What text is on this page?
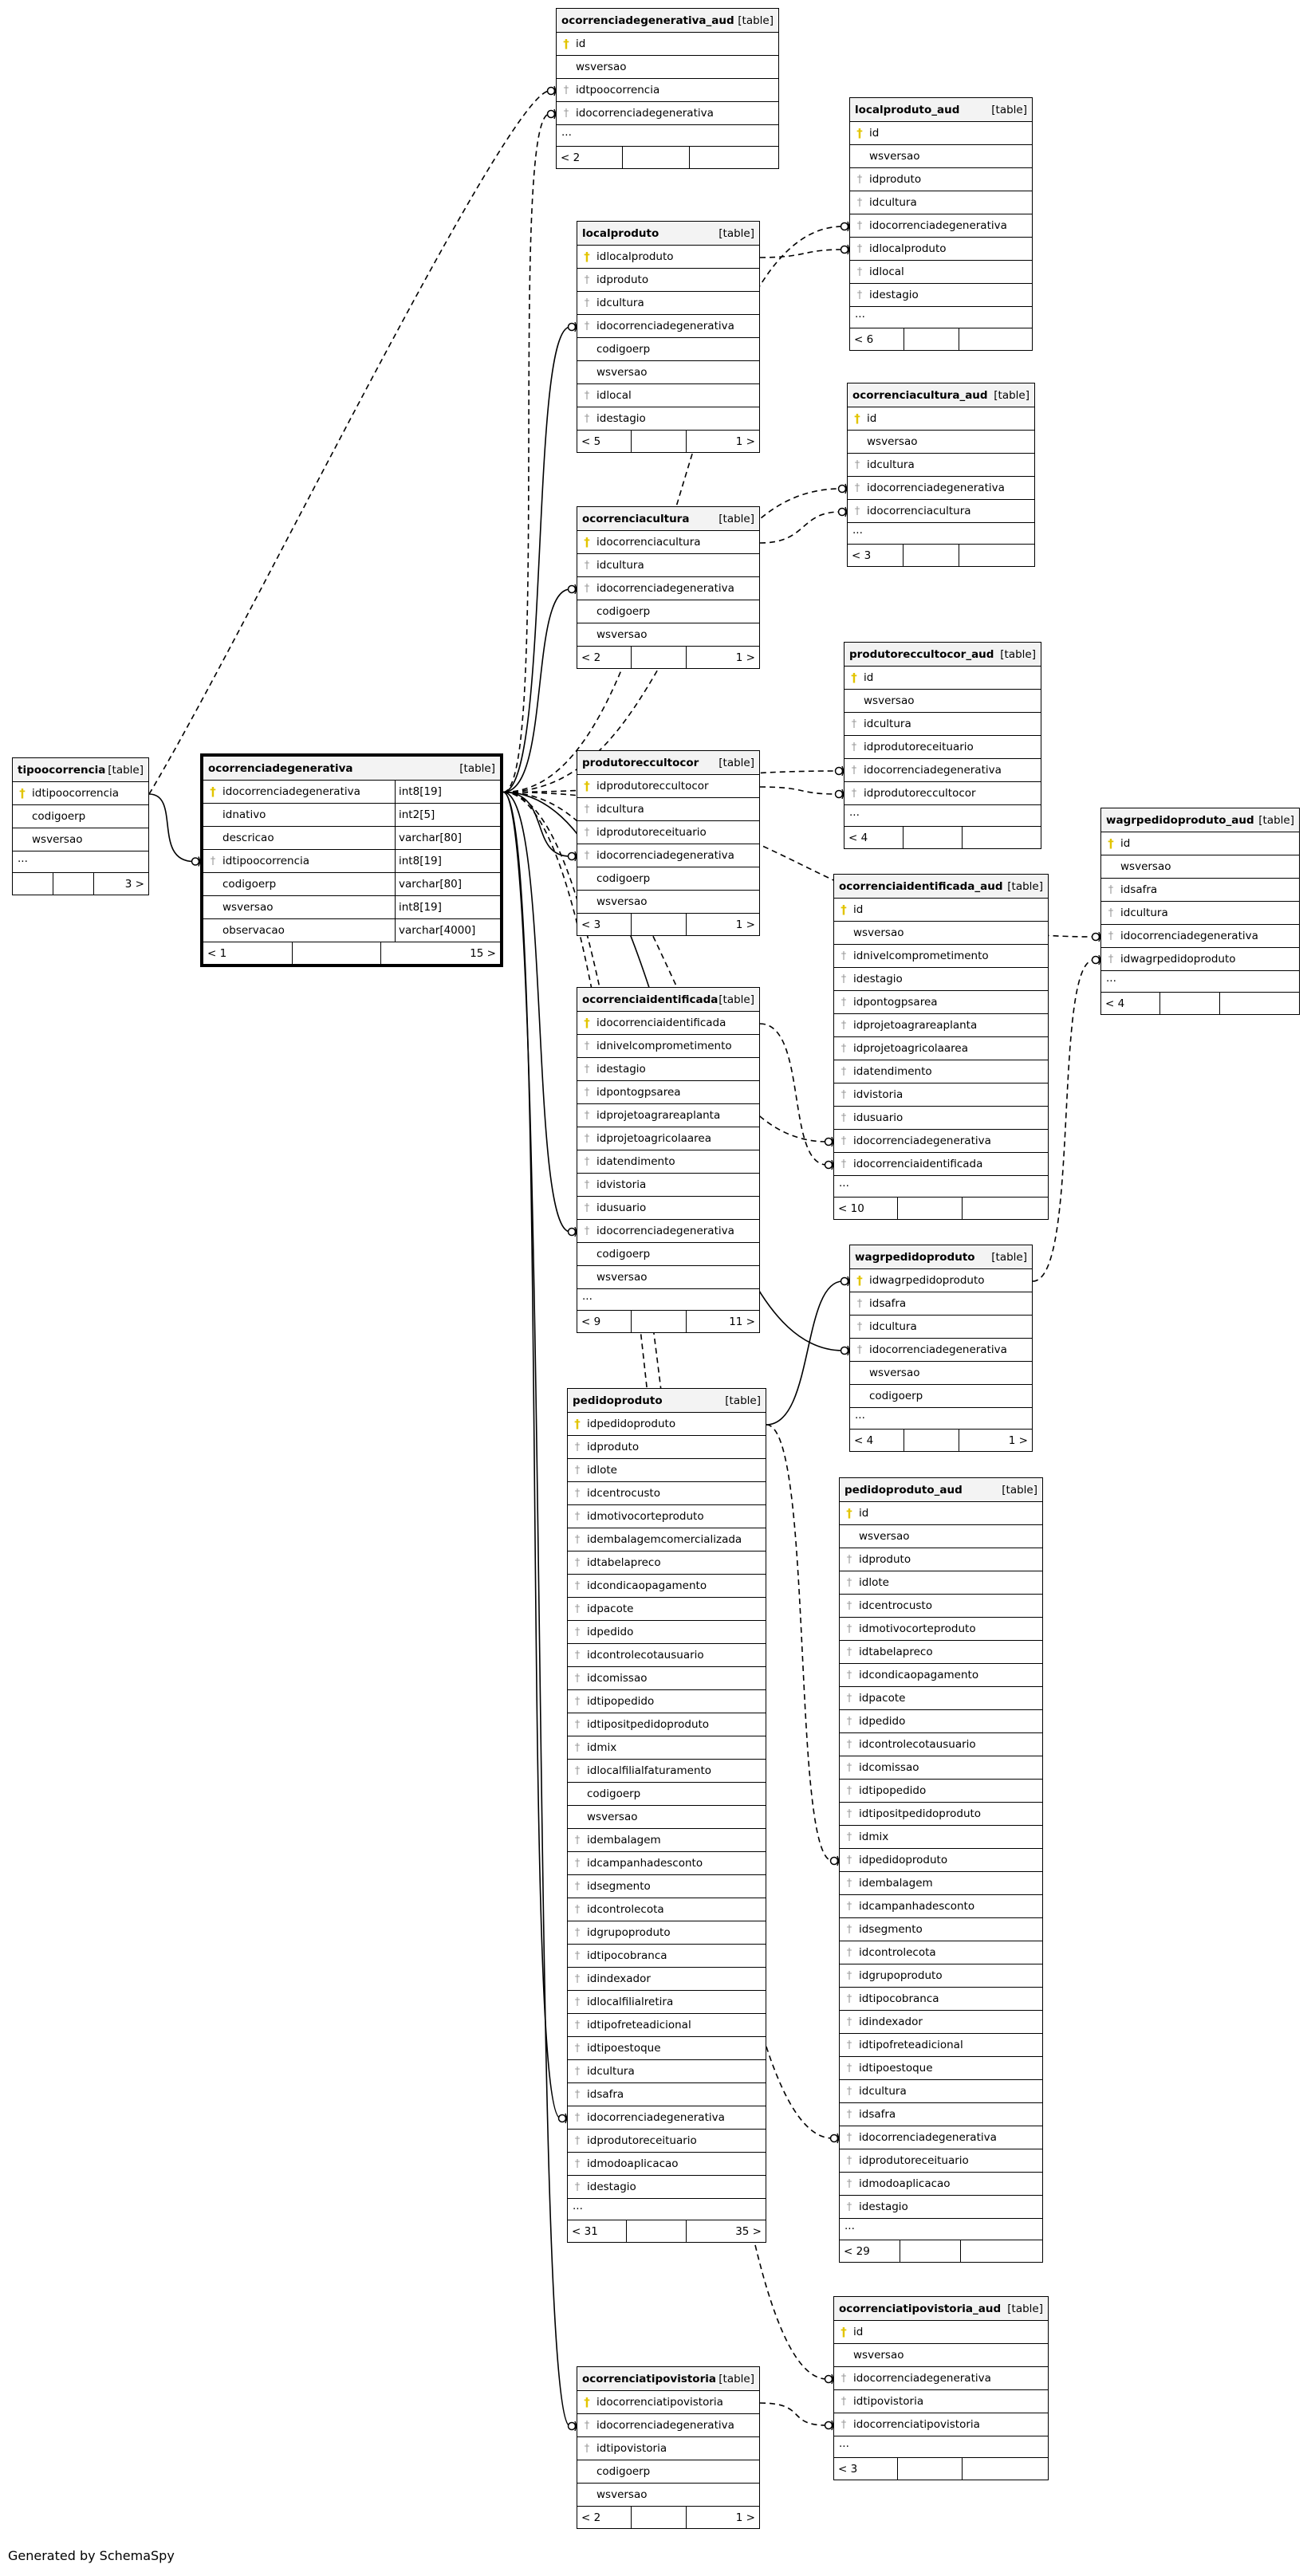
ocorrenciadegenerativa_aud [table]
† id
wsversao
† idtpoocorrencia
† idocorrenciadegenerativa
...
< 2
localproduto_aud	[table]
† id
wsversao
† idproduto
† idcultura
† idocorrenciadegenerativa
† idlocalproduto
† idlocal
† idestagio
...
< 6
localproduto	[table]
† idlocalproduto
† idproduto
† idcultura
† idocorrenciadegenerativa
codigoerp
wsversao
† idlocal
† idestagio
< 5	1 >
ocorrenciacultura_aud [table]
† id
wsversao
† idcultura
† idocorrenciadegenerativa
† idocorrenciacultura
...
< 3
ocorrenciacultura	[table]
† idocorrenciacultura
† idcultura
† idocorrenciadegenerativa
codigoerp
wsversao
< 2	1 >	produtoreccultocor_aud [table]
† id
wsversao
† idcultura
† idprodutoreceituario
† idocorrenciadegenerativa
† idprodutoreccultocor
...
< 4
tipoocorrencia [table]
† idtipoocorrencia
codigoerp
wsversao
...
3 >
ocorrenciadegenerativa	[table]
† idocorrenciadegenerativa	int8[19]
idnativo	int2[5]
descricao	varchar[80]
† idtipoocorrencia	int8[19]
codigoerp	varchar[80]
wsversao	int8[19]
observacao	varchar[4000]
< 1	15 >
produtoreccultocor [table]
† idprodutoreccultocor
† idcultura
† idprodutoreceituario
† idocorrenciadegenerativa
codigoerp
wsversao
< 3	1 >
wagrpedidoproduto_aud [table]
† id
wsversao
† idsafra
† idcultura
† idocorrenciadegenerativa
† idwagrpedidoproduto
...
< 4
ocorrenciaidentificada_aud [table]
† id
wsversao
† idnivelcomprometimento
† idestagio
† idpontogpsarea
† idprojetoagrareaplanta
† idprojetoagricolaarea
† idatendimento
† idvistoria
† idusuario
† idocorrenciadegenerativa
† idocorrenciaidentificada
...
< 10
ocorrenciaidentificada [table]
† idocorrenciaidentificada
† idnivelcomprometimento
† idestagio
† idpontogpsarea
† idprojetoagrareaplanta
† idprojetoagricolaarea
† idatendimento
† idvistoria
† idusuario
† idocorrenciadegenerativa
codigoerp
wsversao
...
< 9	11 >
wagrpedidoproduto [table]
† idwagrpedidoproduto
† idsafra
† idcultura
† idocorrenciadegenerativa
wsversao
codigoerp
...
< 4	1 >
pedidoproduto	[table]
† idpedidoproduto
† idproduto
† idlote
† idcentrocusto
† idmotivocorteproduto
† idembalagemcomercializada
† idtabelapreco
† idcondicaopagamento
† idpacote
† idpedido
† idcontrolecotausuario
† idcomissao
† idtipopedido
† idtipositpedidoproduto
† idmix
† idlocalfilialfaturamento
codigoerp
wsversao
† idembalagem
† idcampanhadesconto
† idsegmento
† idcontrolecota
† idgrupoproduto
† idtipocobranca
† idindexador
† idlocalfilialretira
† idtipofreteadicional
† idtipoestoque
† idcultura
† idsafra
† idocorrenciadegenerativa
† idprodutoreceituario
† idmodoaplicacao
† idestagio
...
< 31	35 >
pedidoproduto_aud	[table]
† id
wsversao
† idproduto
† idlote
† idcentrocusto
† idmotivocorteproduto
† idtabelapreco
† idcondicaopagamento
† idpacote
† idpedido
† idcontrolecotausuario
† idcomissao
† idtipopedido
† idtipositpedidoproduto
† idmix
† idpedidoproduto
† idembalagem
† idcampanhadesconto
† idsegmento
† idcontrolecota
† idgrupoproduto
† idtipocobranca
† idindexador
† idtipofreteadicional
† idtipoestoque
† idcultura
† idsafra
† idocorrenciadegenerativa
† idprodutoreceituario
† idmodoaplicacao
† idestagio
...
< 29
ocorrenciatipovistoria_aud [table]
† id
wsversao
† idocorrenciadegenerativa
† idtipovistoria
† idocorrenciatipovistoria
...
< 3
ocorrenciatipovistoria [table]
† idocorrenciatipovistoria
† idocorrenciadegenerativa
† idtipovistoria
codigoerp
wsversao
< 2	1 >
Generated by SchemaSpy
